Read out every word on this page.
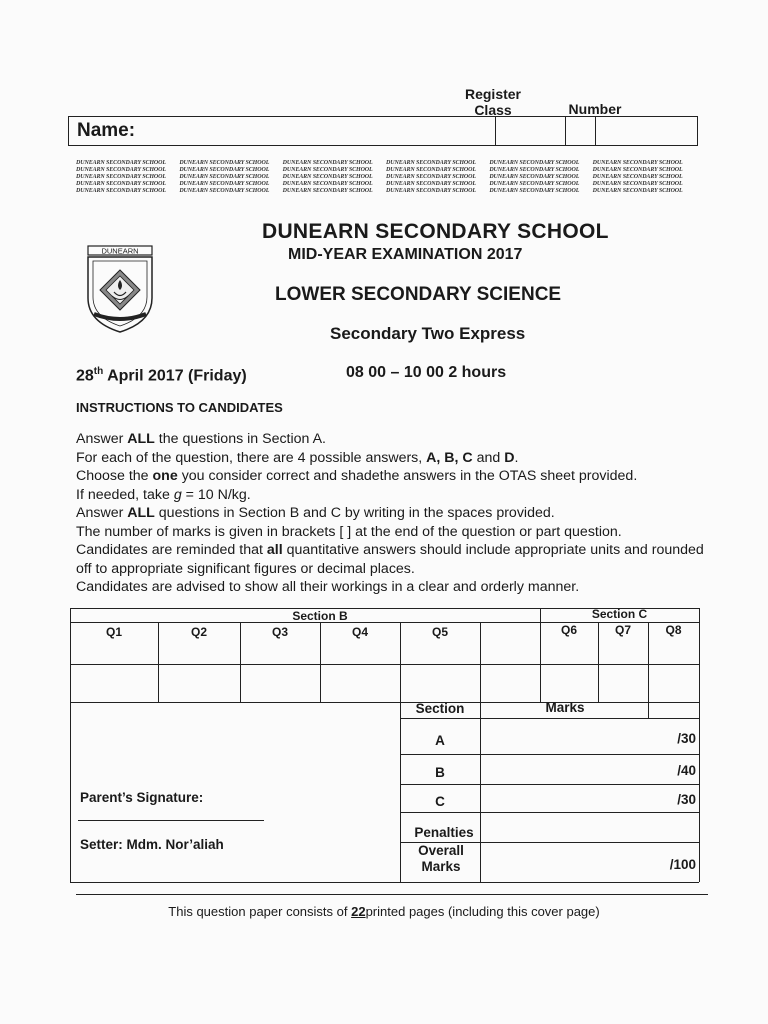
Register
Class	Number
Name:
DUNEARN SECONDARY SCHOOL	DUNEARN SECONDARY SCHOOL	DUNEARN SECONDARY SCHOOL	DUNEARN SECONDARY SCHOOL	DUNEARN SECONDARY SCHOOL	DUNEARN SECONDARY SCHOOL
DUNEARN SECONDARY SCHOOL	DUNEARN SECONDARY SCHOOL	DUNEARN SECONDARY SCHOOL	DUNEARN SECONDARY SCHOOL	DUNEARN SECONDARY SCHOOL	DUNEARN SECONDARY SCHOOL
DUNEARN SECONDARY SCHOOL	DUNEARN SECONDARY SCHOOL	DUNEARN SECONDARY SCHOOL	DUNEARN SECONDARY SCHOOL	DUNEARN SECONDARY SCHOOL	DUNEARN SECONDARY SCHOOL
DUNEARN SECONDARY SCHOOL	DUNEARN SECONDARY SCHOOL	DUNEARN SECONDARY SCHOOL	DUNEARN SECONDARY SCHOOL	DUNEARN SECONDARY SCHOOL	DUNEARN SECONDARY SCHOOL
DUNEARN SECONDARY SCHOOL	DUNEARN SECONDARY SCHOOL	DUNEARN SECONDARY SCHOOL	DUNEARN SECONDARY SCHOOL	DUNEARN SECONDARY SCHOOL	DUNEARN SECONDARY SCHOOL
DUNEARN
DUNEARN SECONDARY SCHOOL
MID-YEAR EXAMINATION 2017
LOWER SECONDARY SCIENCE
Secondary Two Express
28th April 2017 (Friday)	08 00 – 10 00 2 hours
INSTRUCTIONS TO CANDIDATES

Answer ALL the questions in Section A.

For each of the question, there are 4 possible answers, A, B, C and D.

Choose the one you consider correct and shadethe answers in the OTAS sheet provided.

If needed, take g = 10 N/kg.

Answer ALL questions in Section B and C by writing in the spaces provided.

The number of marks is given in brackets [ ] at the end of the question or part question.

Candidates are reminded that all quantitative answers should include appropriate units and rounded off to appropriate significant figures or decimal places.

Candidates are advised to show all their workings in a clear and orderly manner.

Section B	Section C
Q1	Q2	Q3	Q4	Q5	Q6	Q7	Q8
Section	Marks
A	/30
B	/40
C	/30
Penalties
Overall
Marks	/100
Parent’s Signature:
Setter: Mdm. Nor’aliah
This question paper consists of 22printed pages (including this cover page)
